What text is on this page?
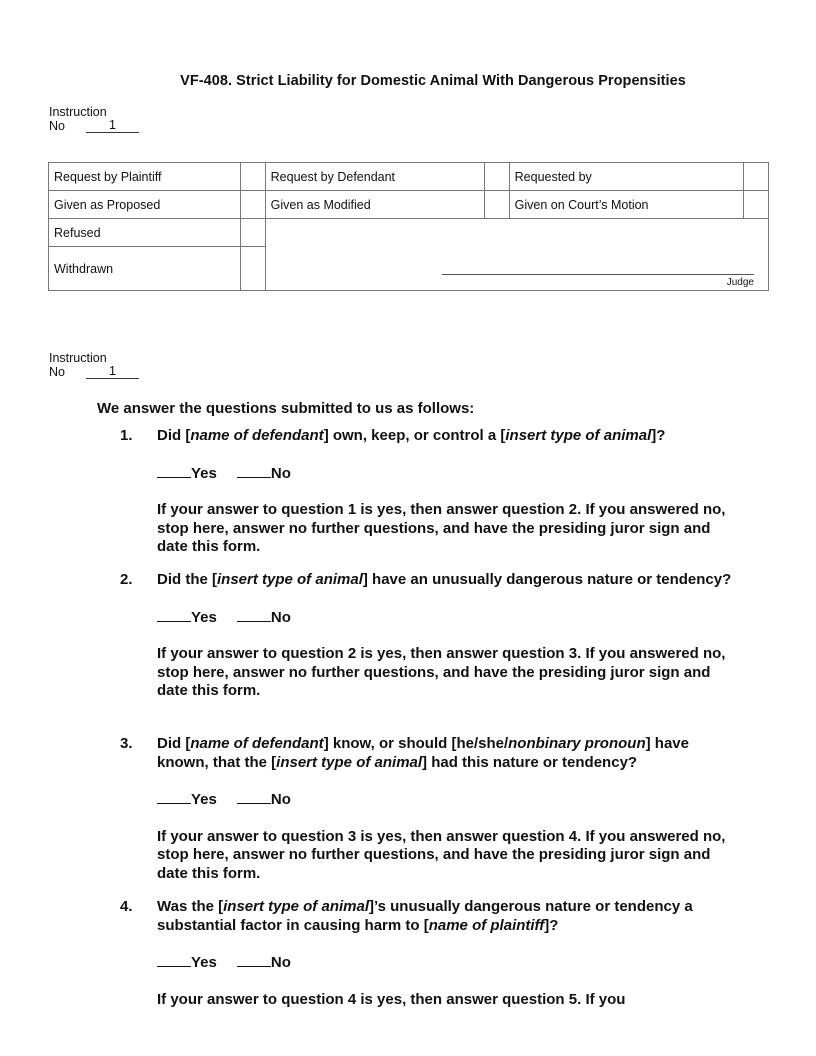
VF-408. Strict Liability for Domestic Animal With Dangerous Propensities
Instruction
No	1
Request by Plaintiff		Request by Defendant		Requested by	
Given as Proposed		Given as Modified		Given on Court’s Motion	
Refused		Judge			

Withdrawn					
Instruction
No	1
We answer the questions submitted to us as follows:
1. Did [name of defendant] own, keep, or control a [insert type of animal]?
Yes	No
If your answer to question 1 is yes, then answer question 2. If you answered no, stop here, answer no further questions, and have the presiding juror sign and date this form.
2. Did the [insert type of animal] have an unusually dangerous nature or tendency?
Yes	No
If your answer to question 2 is yes, then answer question 3. If you answered no, stop here, answer no further questions, and have the presiding juror sign and date this form.
3. Did [name of defendant] know, or should [he/she/nonbinary pronoun] have known, that the [insert type of animal] had this nature or tendency?
Yes	No
If your answer to question 3 is yes, then answer question 4. If you answered no, stop here, answer no further questions, and have the presiding juror sign and date this form.
4. Was the [insert type of animal]’s unusually dangerous nature or tendency a substantial factor in causing harm to [name of plaintiff]?
Yes	No
If your answer to question 4 is yes, then answer question 5. If you
